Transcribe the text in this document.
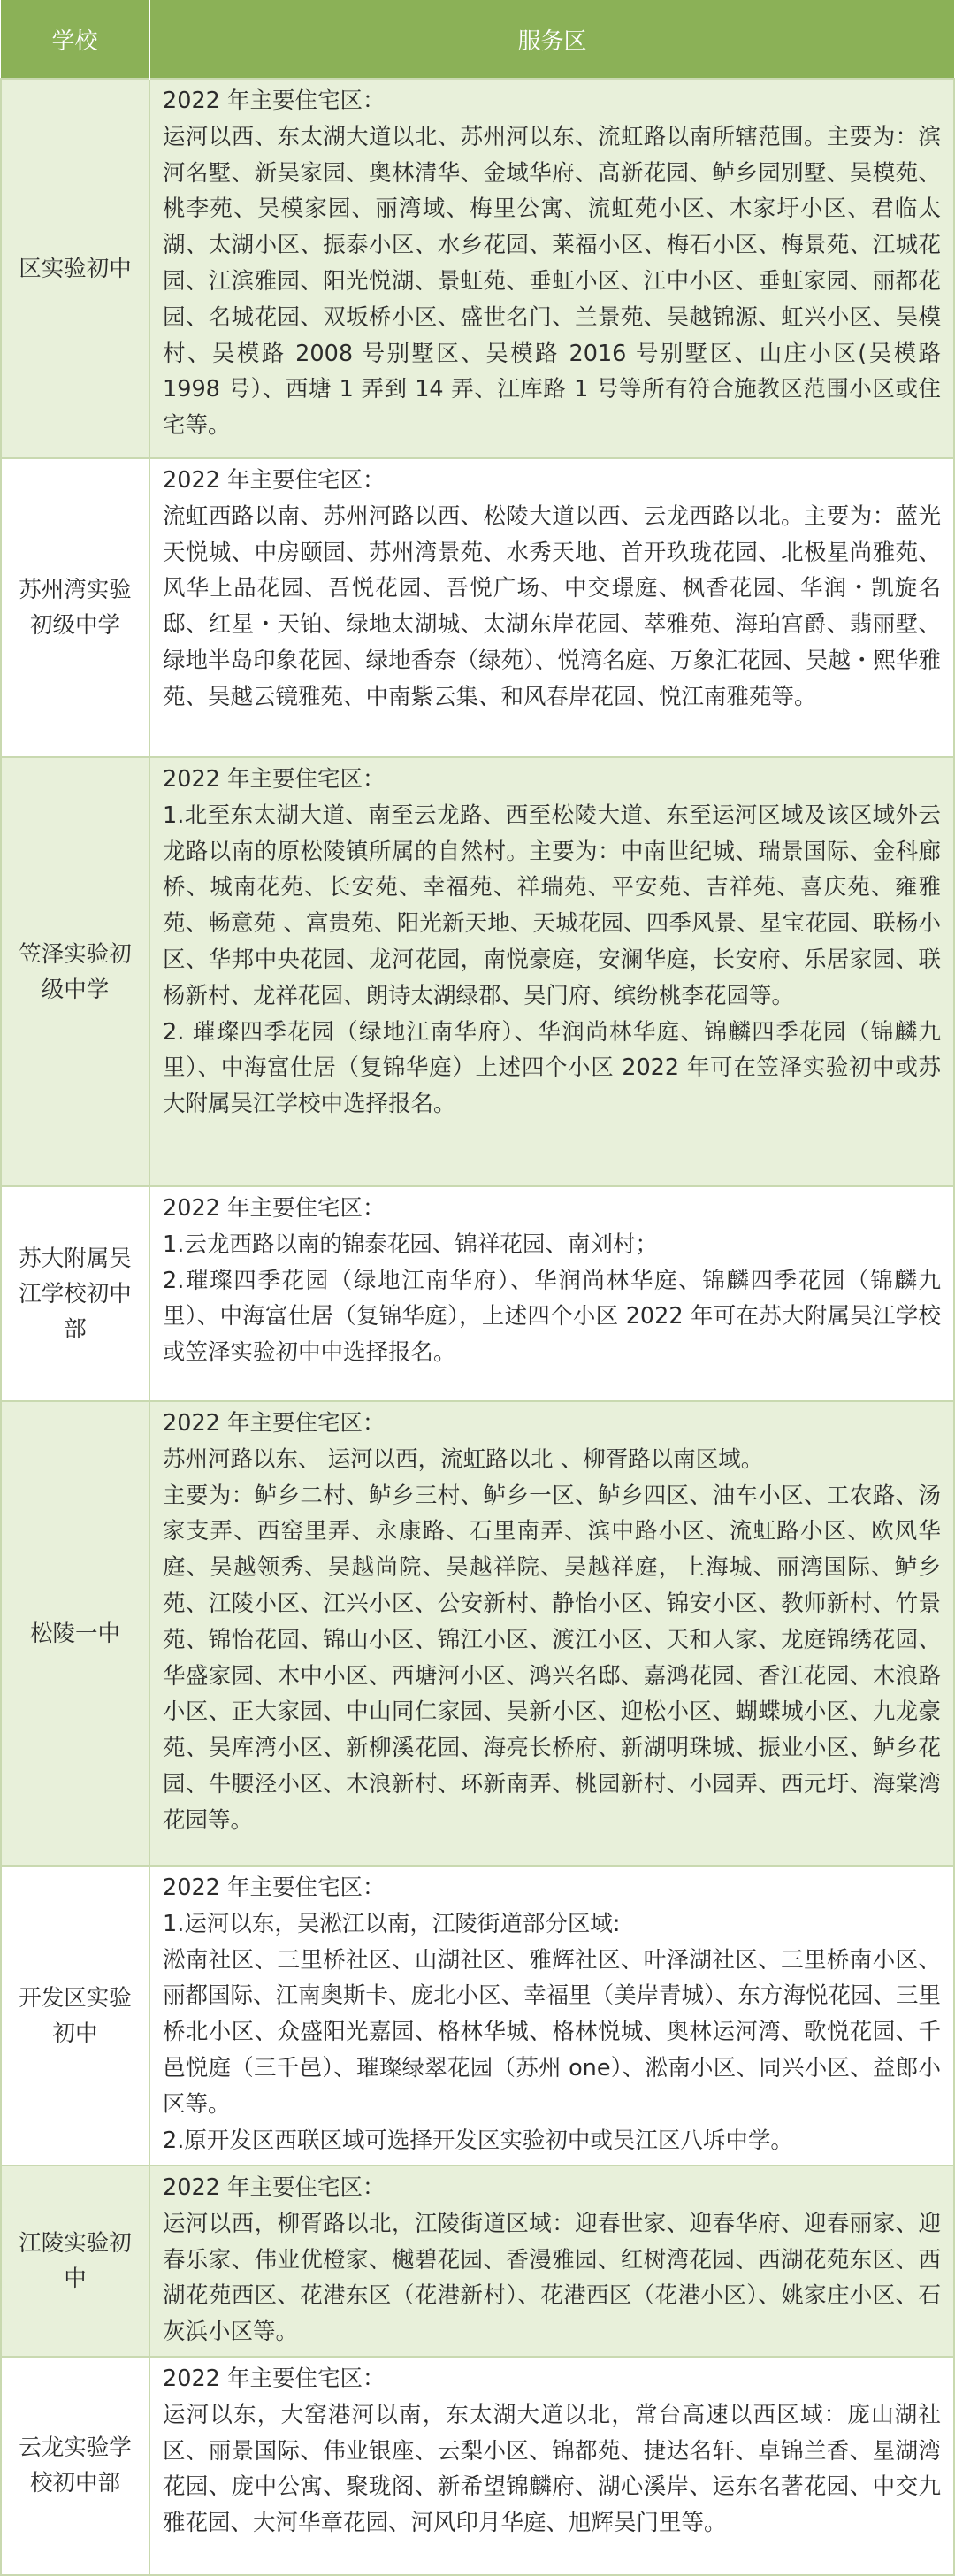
学校	服务区
区实验初中	2022 年主要住宅区：

运河以西、东太湖大道以北、苏州河以东、流虹路以南所辖范围。主要为：滨河名墅、新吴家园、奥林清华、金域华府、高新花园、鲈乡园别墅、吴模苑、桃李苑、吴模家园、丽湾域、梅里公寓、流虹苑小区、木家圩小区、君临太湖、太湖小区、振泰小区、水乡花园、莱福小区、梅石小区、梅景苑、江城花园、江滨雅园、阳光悦湖、景虹苑、垂虹小区、江中小区、垂虹家园、丽都花园、名城花园、双坂桥小区、盛世名门、兰景苑、吴越锦源、虹兴小区、吴模村、吴模路 2008 号别墅区、吴模路 2016 号别墅区、山庄小区(吴模路 1998 号）、西塘 1 弄到 14 弄、江库路 1 号等所有符合施教区范围小区或住宅等。

苏州湾实验初级中学	2022 年主要住宅区：

流虹西路以南、苏州河路以西、松陵大道以西、云龙西路以北。主要为：蓝光天悦城、中房颐园、苏州湾景苑、水秀天地、首开玖珑花园、北极星尚雅苑、风华上品花园、吾悦花园、吾悦广场、中交璟庭、枫香花园、华润・凯旋名邸、红星・天铂、绿地太湖城、太湖东岸花园、萃雅苑、海珀宫爵、翡丽墅、绿地半岛印象花园、绿地香奈（绿苑）、悦湾名庭、万象汇花园、吴越・熙华雅苑、吴越云镜雅苑、中南紫云集、和风春岸花园、悦江南雅苑等。

笠泽实验初级中学	2022 年主要住宅区：

1.北至东太湖大道、南至云龙路、西至松陵大道、东至运河区域及该区域外云龙路以南的原松陵镇所属的自然村。主要为：中南世纪城、瑞景国际、金科廊桥、城南花苑、长安苑、幸福苑、祥瑞苑、平安苑、吉祥苑、喜庆苑、雍雅苑、畅意苑 、富贵苑、阳光新天地、天城花园、四季风景、星宝花园、联杨小区、华邦中央花园、龙河花园，南悦豪庭，安澜华庭，长安府、乐居家园、联杨新村、龙祥花园、朗诗太湖绿郡、吴门府、缤纷桃李花园等。

2. 璀璨四季花园（绿地江南华府）、华润尚林华庭、锦麟四季花园（锦麟九里）、中海富仕居（复锦华庭）上述四个小区 2022 年可在笠泽实验初中或苏大附属吴江学校中选择报名。

苏大附属吴江学校初中部	2022 年主要住宅区：

1.云龙西路以南的锦泰花园、锦祥花园、南刘村；

2.璀璨四季花园（绿地江南华府）、华润尚林华庭、锦麟四季花园（锦麟九里）、中海富仕居（复锦华庭），上述四个小区 2022 年可在苏大附属吴江学校或笠泽实验初中中选择报名。

松陵一中	2022 年主要住宅区：

苏州河路以东、 运河以西，流虹路以北 、柳胥路以南区域。

主要为：鲈乡二村、鲈乡三村、鲈乡一区、鲈乡四区、油车小区、工农路、汤家支弄、西窑里弄、永康路、石里南弄、滨中路小区、流虹路小区、欧风华庭、吴越领秀、吴越尚院、吴越祥院、吴越祥庭，上海城、丽湾国际、鲈乡苑、江陵小区、江兴小区、公安新村、静怡小区、锦安小区、教师新村、竹景苑、锦怡花园、锦山小区、锦江小区、渡江小区、天和人家、龙庭锦绣花园、华盛家园、木中小区、西塘河小区、鸿兴名邸、嘉鸿花园、香江花园、木浪路小区、正大家园、中山同仁家园、吴新小区、迎松小区、蝴蝶城小区、九龙豪苑、吴库湾小区、新柳溪花园、海亮长桥府、新湖明珠城、振业小区、鲈乡花园、牛腰泾小区、木浪新村、环新南弄、桃园新村、小园弄、西元圩、海棠湾花园等。

开发区实验初中	2022 年主要住宅区：

1.运河以东，吴淞江以南，江陵街道部分区域:

淞南社区、三里桥社区、山湖社区、雅辉社区、叶泽湖社区、三里桥南小区、丽都国际、江南奥斯卡、庞北小区、幸福里（美岸青城）、东方海悦花园、三里桥北小区、众盛阳光嘉园、格林华城、格林悦城、奥林运河湾、歌悦花园、千邑悦庭（三千邑）、璀璨绿翠花园（苏州 one）、淞南小区、同兴小区、益郎小区等。

2.原开发区西联区域可选择开发区实验初中或吴江区八坼中学。

江陵实验初中	2022 年主要住宅区：

运河以西，柳胥路以北，江陵街道区域：迎春世家、迎春华府、迎春丽家、迎春乐家、伟业优橙家、樾碧花园、香漫雅园、红树湾花园、西湖花苑东区、西湖花苑西区、花港东区（花港新村）、花港西区（花港小区）、姚家庄小区、石灰浜小区等。

云龙实验学校初中部	2022 年主要住宅区：

运河以东，大窑港河以南，东太湖大道以北，常台高速以西区域：庞山湖社区、丽景国际、伟业银座、云梨小区、锦都苑、捷达名轩、卓锦兰香、星湖湾花园、庞中公寓、聚珑阁、新希望锦麟府、湖心溪岸、运东名著花园、中交九雅花园、大河华章花园、河风印月华庭、旭辉吴门里等。
